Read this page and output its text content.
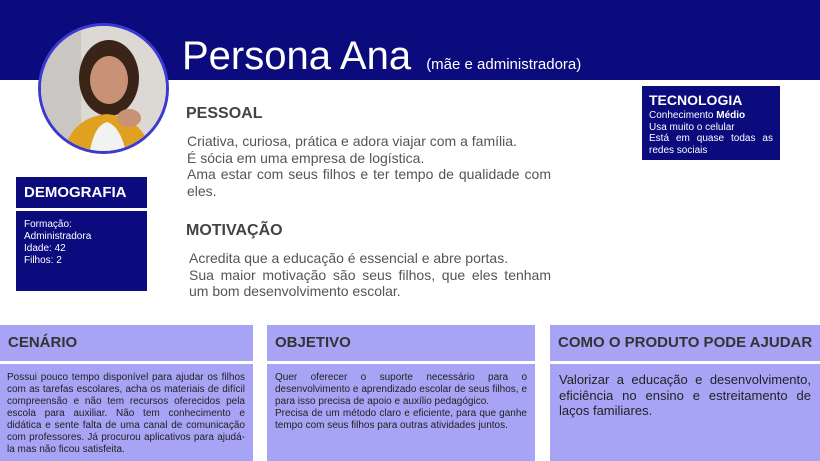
Persona Ana (mãe e administradora)
PESSOAL

Criativa, curiosa, prática e adora viajar com a família.

É sócia em uma empresa de logística.

Ama estar com seus filhos e ter tempo de qualidade com eles.

MOTIVAÇÃO

Acredita que a educação é essencial e abre portas.

Sua maior motivação são seus filhos, que eles tenham um bom desenvolvimento escolar.

TECNOLOGIA
Conhecimento Médio
Usa muito o celular
Está em quase todas as redes sociais
DEMOGRAFIA
Formação:
Administradora
Idade: 42
Filhos: 2
CENÁRIO
Possui pouco tempo disponível para ajudar os filhos com as tarefas escolares, acha os materiais de difícil compreensão e não tem recursos oferecidos pela escola para auxiliar. Não tem conhecimento e didática e sente falta de uma canal de comunicação com professores. Já procurou aplicativos para ajudá-la mas não ficou satisfeita.
OBJETIVO

Quer oferecer o suporte necessário para o desenvolvimento e aprendizado escolar de seus filhos, e para isso precisa de apoio e auxílio pedagógico.

Precisa de um método claro e eficiente, para que ganhe tempo com seus filhos para outras atividades juntos.

COMO O PRODUTO PODE AJUDAR
Valorizar a educação e desenvolvimento, eficiência no ensino e estreitamento de laços familiares.
